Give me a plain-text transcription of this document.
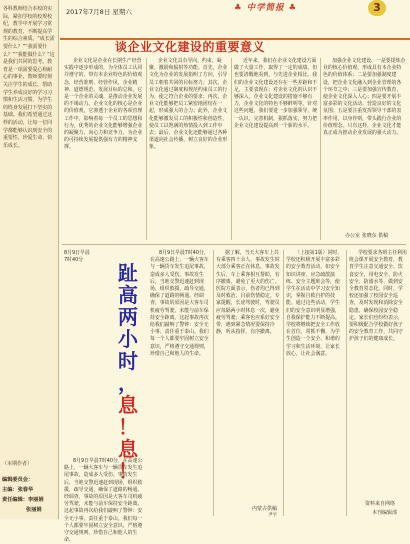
各科教师结合本校的实际，紧扣学校的校规校纪，教学中开展学习常规的教育，不断提高学生的综合素质。“成长需要什么？”“我需要什么？”“我能做什么？”这是我们共同的思考。教育是一项需要爱心和耐心的事业，教师要时刻关注学生的成长，帮助学生养成良好的学习习惯和生活习惯，为学生的终身发展打下坚实的基础。我们希望通过这样的活动，让每一位同学都能够认识到安全的重要性，珍爱生命，快乐成长。
（本期作者）
编辑委员会：
主编：张春华
责任编辑：李丽娟
张丽娟
2017年7月8日 星期六	♣ 中学简报 ♣	3
谈企业文化建设的重要意义
企业文化是企业在长期生产经营实践中逐步形成的，为全体员工认同并遵守的、带有本企业特色的价值观念、经营准则、经营作风、企业精神、道德规范、发展目标的总和。它是一个企业的灵魂，是推动企业发展的不竭动力。企业文化的核心是企业的价值观，它渗透于企业的各项管理工作中，影响着每一个员工的思想和行为。优秀的企业文化能够增强企业的凝聚力、向心力和竞争力，为企业的可持续发展提供强有力的精神支撑。
企业文化具有导向、约束、凝聚、激励和辐射等功能。首先，企业文化为企业的发展指明了方向，引导员工朝着共同的目标努力；其次，企业文化通过制度和规范约束员工的行为，使之符合企业的要求；再次，企业文化能够把员工紧密地团结在一起，形成强大的合力；此外，企业文化能够激发员工的积极性和创造性，使员工以饱满的热情投入到工作中去；最后，企业文化还能够通过各种渠道向社会传播，树立良好的企业形象。
近年来，我们在企业文化建设方面做了大量工作，取得了一定的成绩。但也要清醒地看到，与先进企业相比，我们的企业文化建设还存在一些差距和不足，主要表现在：对企业文化的认识不够深入，企业文化建设的措施不够有力，企业文化的特色不够鲜明等。针对这些问题，我们要进一步加强领导，统一认识，完善机制，狠抓落实，努力把企业文化建设提高到一个新的水平。
加强企业文化建设，一是要提炼企业的核心价值观，形成具有本企业特色的价值体系；二是要加强制度建设，把企业文化融入到企业管理的各个环节之中；三是要加强宣传教育，使企业文化深入人心；四是要开展丰富多彩的文化活动，营造良好的文化氛围；五是要注重发挥领导干部的表率作用，以身作则，带头践行企业的价值理念。只有这样，企业文化才能真正成为推动企业发展的强大动力。
办公室 张晓东 供稿
8月9日早晨7时40分
趾
高
两
小
时
，
息
！
息
！
8月9日早晨7时40分，在高速公路上，一辆大客车与一辆货车发生追尾事故，造成多人受伤。事故发生后，当地交警迅速赶到现场，组织救援，疏导交通，确保了道路的畅通。经调查，事故的原因是大客车司机疲劳驾驶，未能与前车保持安全距离。这起事故再次给我们敲响了警钟：安全无小事，责任重于泰山。我们每一个人都要牢固树立安全意识，严格遵守交通规则，珍惜自己和他人的生命。
8月9日早晨7时40分，在高速公路上，一辆大客车与一辆货车发生追尾事故，造成多人受伤。事故发生后，当地交警迅速赶到现场，组织救援，疏导交通，确保了道路的畅通。经调查，事故的原因是大客车司机疲劳驾驶，未能与前车保持安全距离。这起事故再次给我们敲响了警钟：安全无小事，责任重于泰山。我们每一个人都要牢固树立安全意识，严格遵守交通规则，珍惜自己和他人的生命。
据了解，当天大客车上共有乘客四十余人，事故发生时大部分乘客正在休息。事故发生后，车上乘客相互帮助，有序撤离，避免了更大的伤亡。医院方面表示，伤者均已得到及时救治，目前伤情稳定。专家提醒，长途驾驶时，驾驶员应每隔两小时休息一次，避免疲劳驾驶；乘客也应系好安全带，遇到紧急情况要保持冷静，听从指挥，有序撤离。
内蒙古供稿
（上接第1版）同时，学校还积极开展丰富多彩的安全教育活动，如安全知识讲座、应急疏散演练、安全主题班会等，使学生在活动中学习安全知识，掌握自救自护的技能。通过这些活动，学生们的安全意识明显增强，自我保护能力不断提高。学校将继续把安全工作放在首位，常抓不懈，为学生创造一个安全、和谐的学习和生活环境，让家长放心，让社会满意。
学校要求各班主任利用班会课开展安全教育，教育学生注意交通安全、饮食安全、用电安全、防火安全、防溺水等，做到安全教育常态化。同时，学校还加强了校园安全巡查，及时发现和消除安全隐患，确保校园安全稳定。家长们也纷纷表示，要积极配合学校做好孩子的安全教育工作，共同守护孩子们的健康成长。
资料来自网络
本刊编辑部
尹宇
